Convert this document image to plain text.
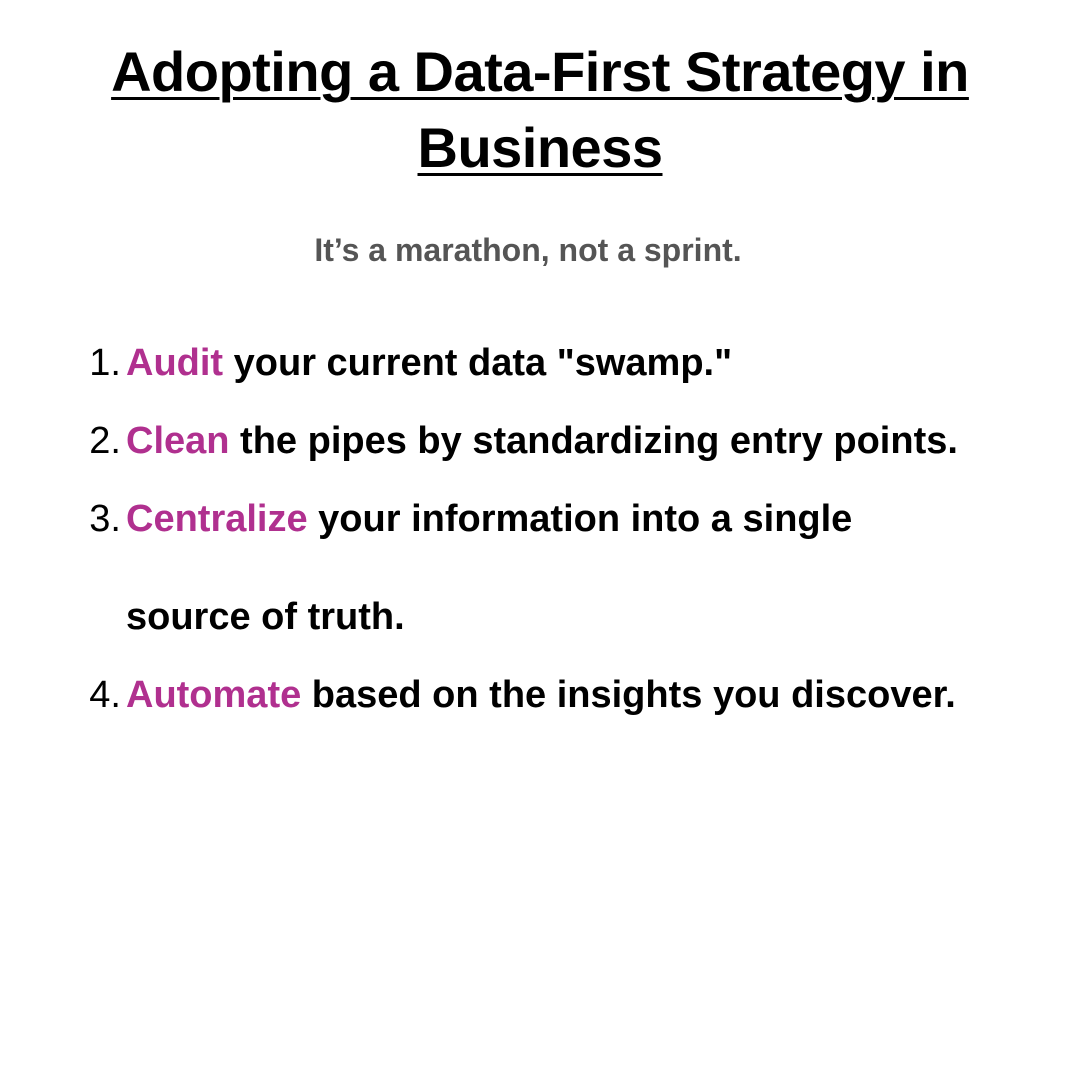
Adopting a Data-First Strategy in Business

It’s a marathon, not a sprint.

1. Audit your current data "swamp."
2. Clean the pipes by standardizing entry points.
3. Centralize your information into a single source of truth.
4. Automate based on the insights you discover.
